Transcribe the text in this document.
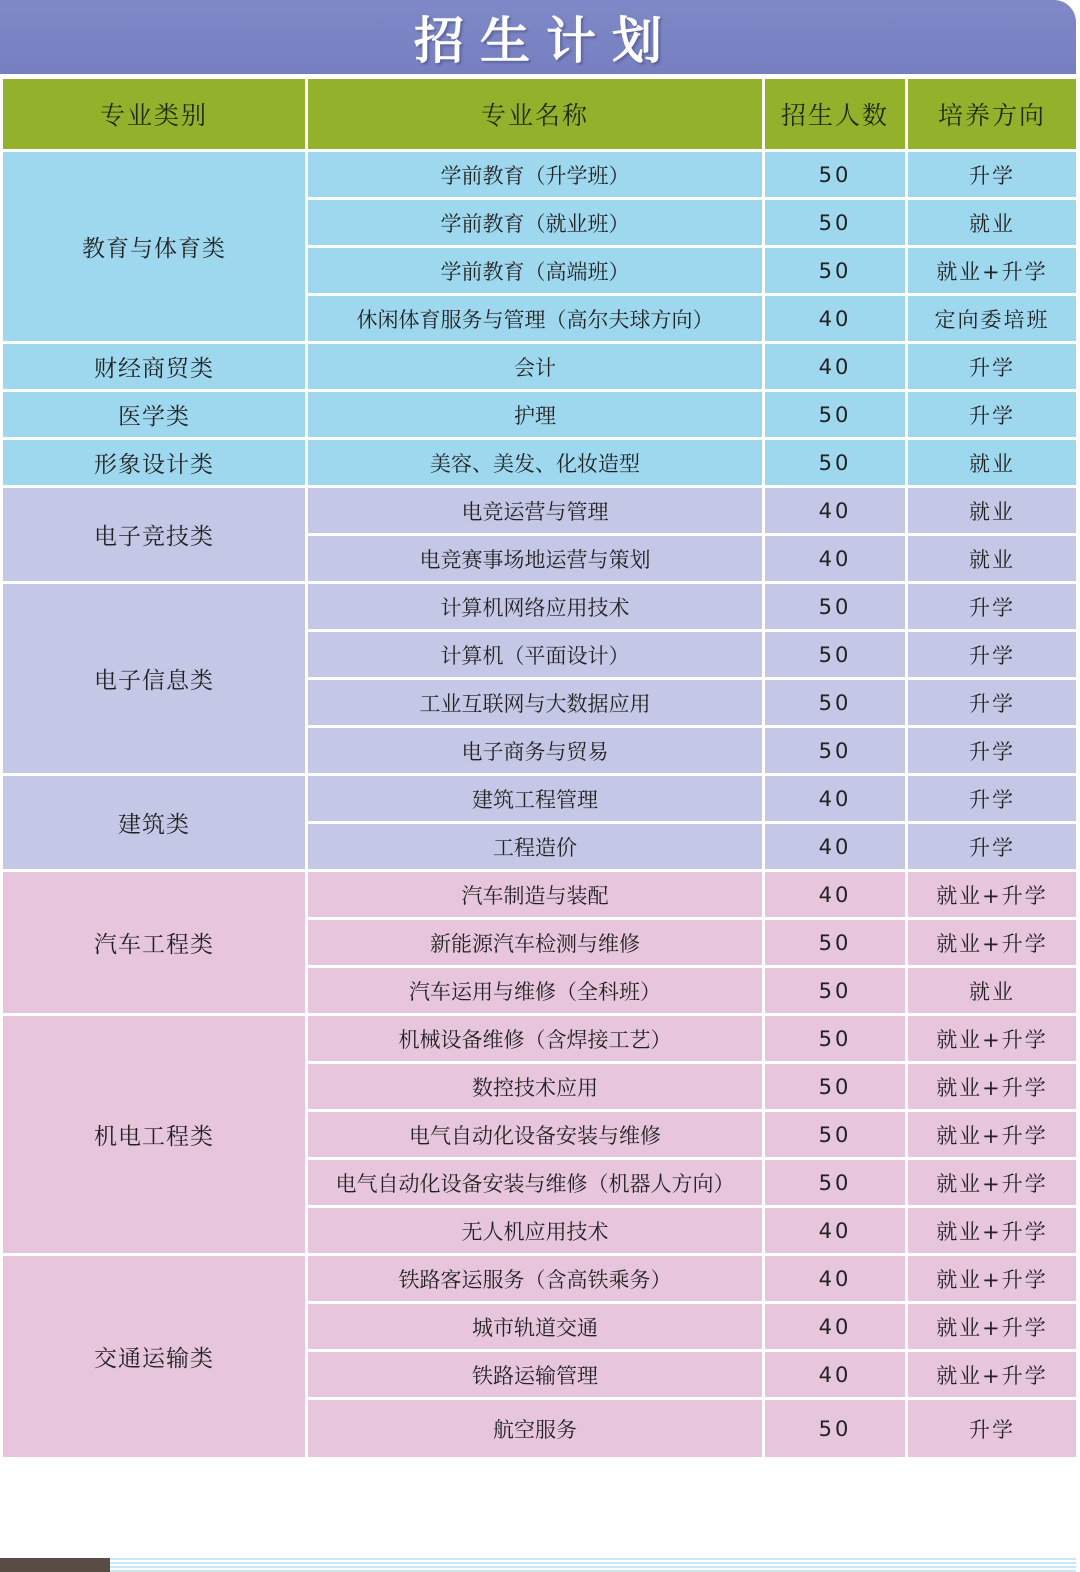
招生计划
专业类别	专业名称	招生人数	培养方向
教育与体育类	学前教育（升学班）	50	升学
	学前教育（就业班）	50	就业
	学前教育（高端班）	50	就业+升学
	休闲体育服务与管理（高尔夫球方向）	40	定向委培班
财经商贸类	会计	40	升学
医学类	护理	50	升学
形象设计类	美容、美发、化妆造型	50	就业
电子竞技类	电竞运营与管理	40	就业
	电竞赛事场地运营与策划	40	就业
电子信息类	计算机网络应用技术	50	升学
	计算机（平面设计）	50	升学
	工业互联网与大数据应用	50	升学
	电子商务与贸易	50	升学
建筑类	建筑工程管理	40	升学
	工程造价	40	升学
汽车工程类	汽车制造与装配	40	就业+升学
	新能源汽车检测与维修	50	就业+升学
	汽车运用与维修（全科班）	50	就业
机电工程类	机械设备维修（含焊接工艺）	50	就业+升学
	数控技术应用	50	就业+升学
	电气自动化设备安装与维修	50	就业+升学
	电气自动化设备安装与维修（机器人方向）	50	就业+升学
	无人机应用技术	40	就业+升学
交通运输类	铁路客运服务（含高铁乘务）	40	就业+升学
	城市轨道交通	40	就业+升学
	铁路运输管理	40	就业+升学
	航空服务	50	升学
